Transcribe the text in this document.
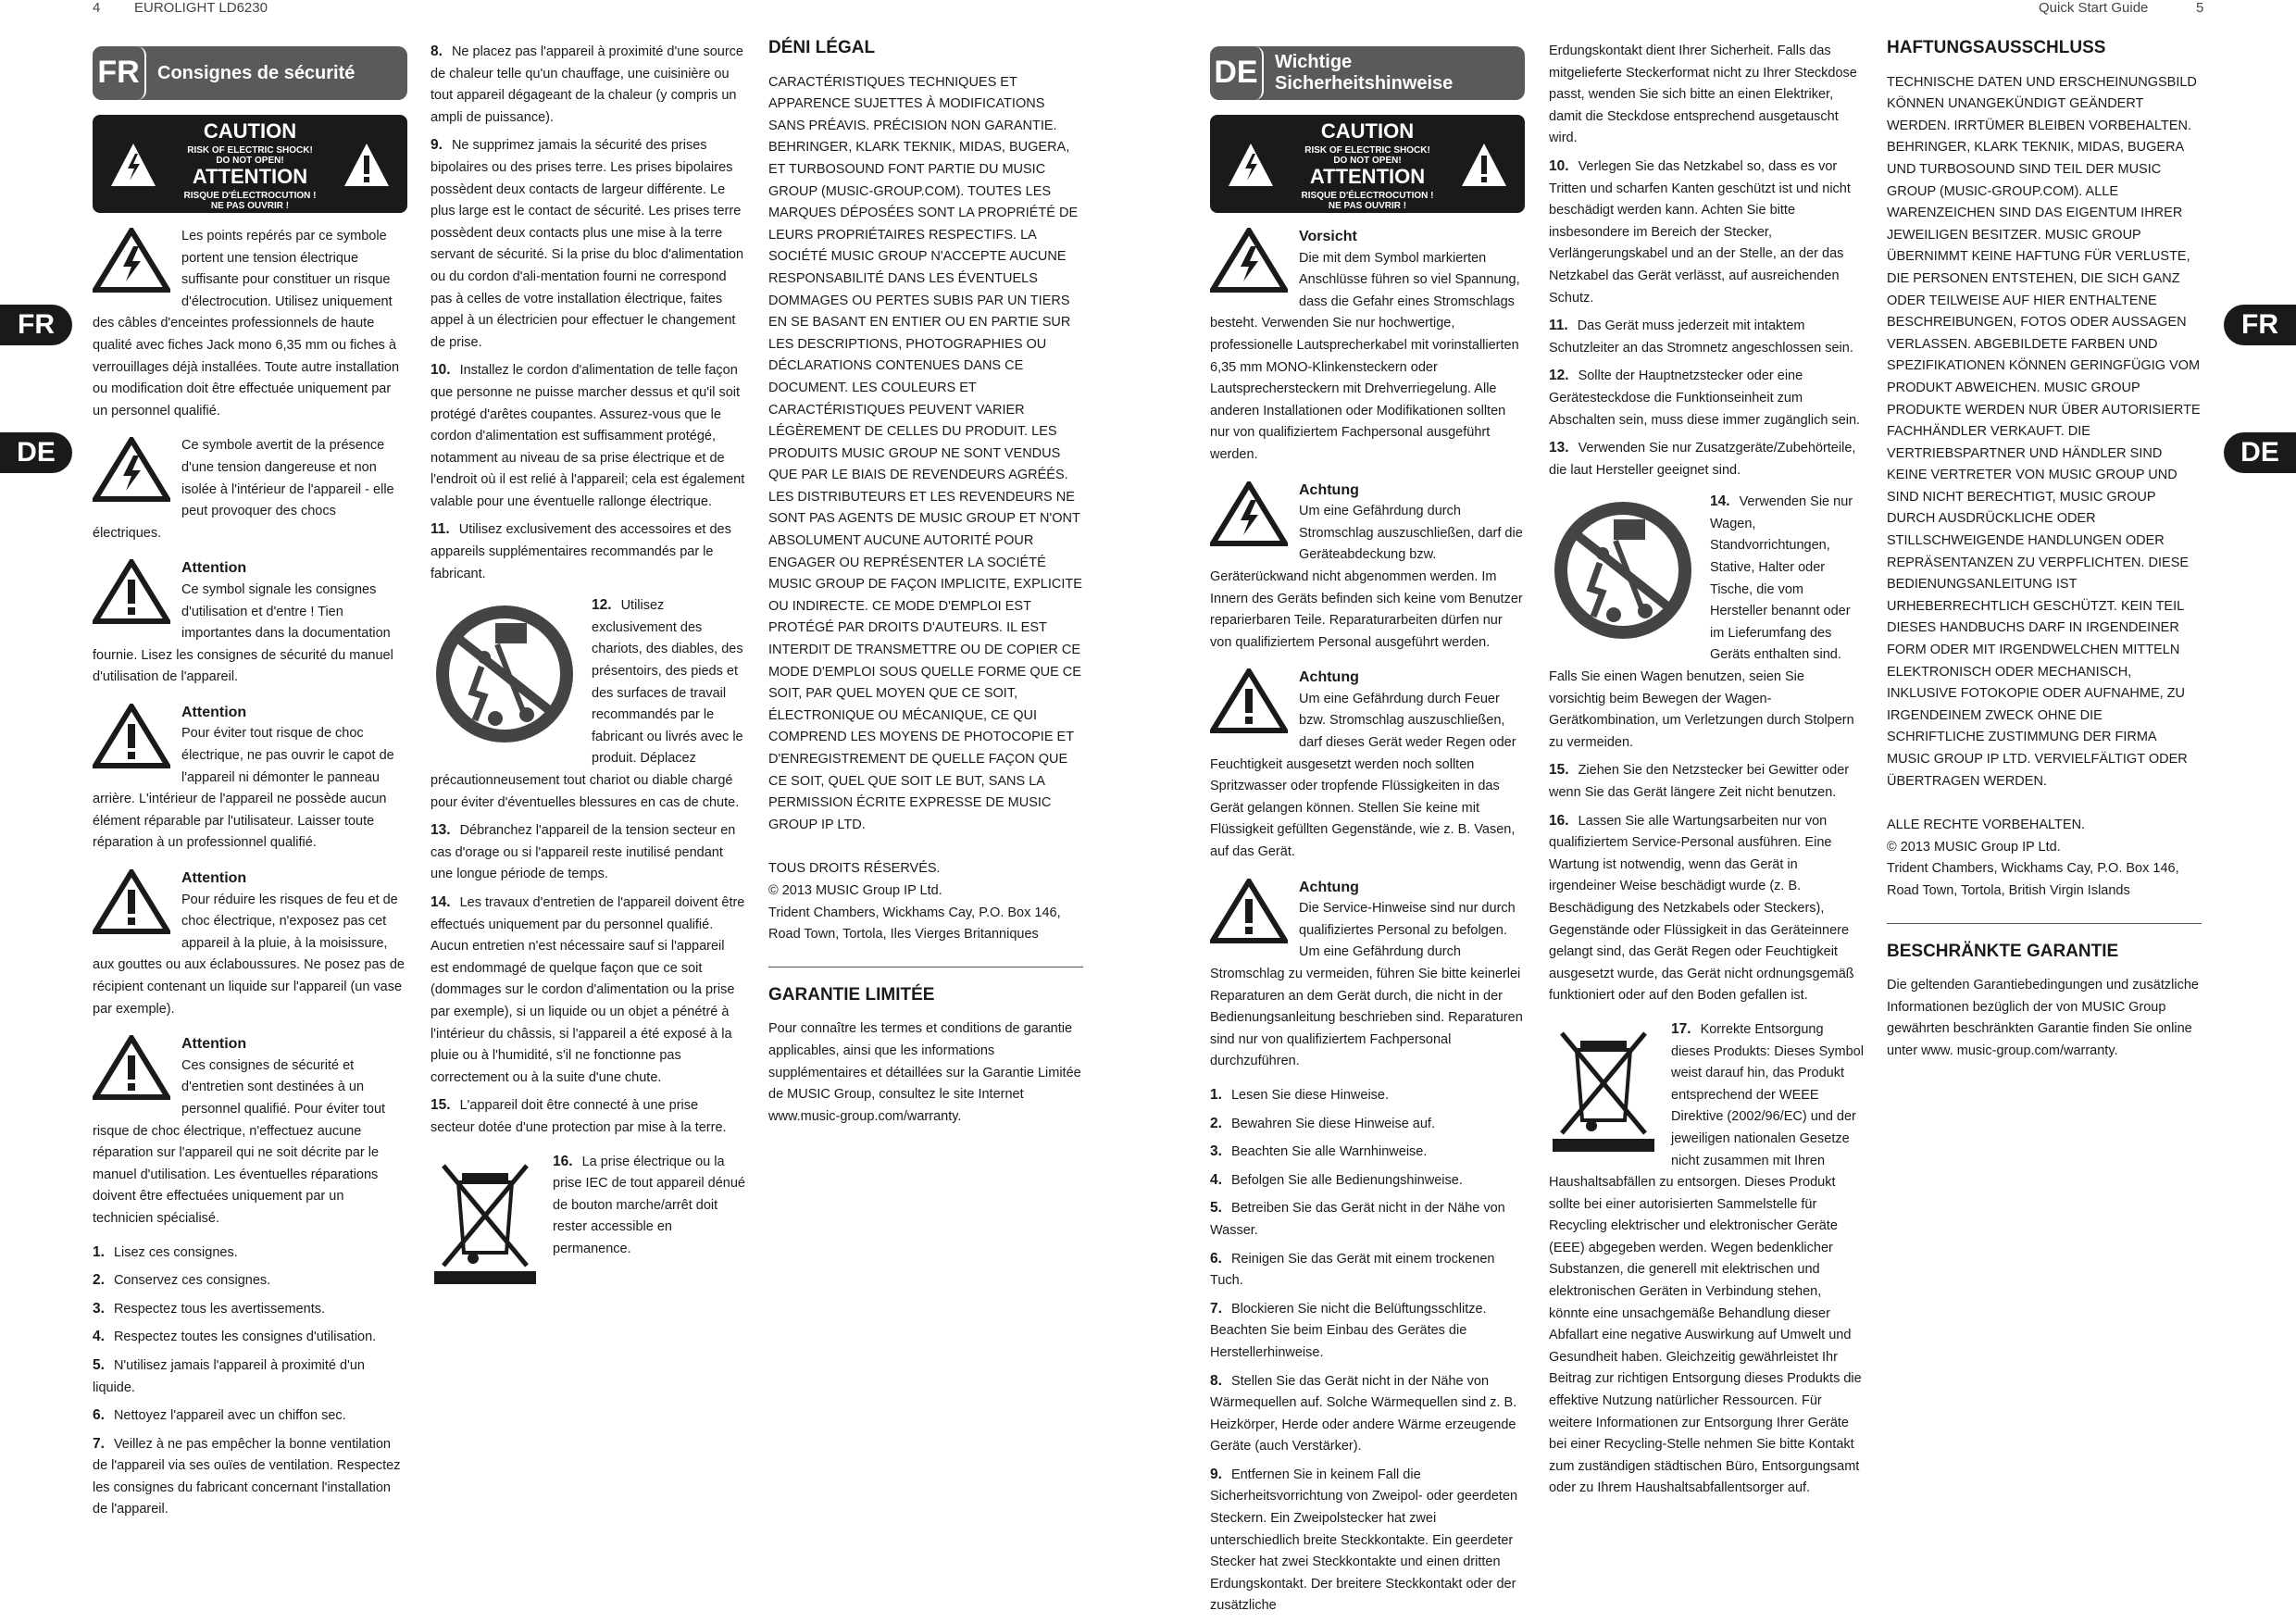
4 EUROLIGHT LD6230	Quick Start Guide	5
FR
DE
FR
DE
FR Consignes de sécurité
CAUTION
RISK OF ELECTRIC SHOCK!
DO NOT OPEN!
ATTENTION
RISQUE D'ÉLECTROCUTION !
NE PAS OUVRIR !
Les points repérés par ce symbole portent une tension électrique suffisante pour constituer un risque d'électrocution. Utilisez uniquement des câbles d'enceintes professionnels de haute qualité avec fiches Jack mono 6,35 mm ou fiches à verrouillages déjà installées. Toute autre installation ou modification doit être effectuée uniquement par un personnel qualifié.
Ce symbole avertit de la présence d'une tension dangereuse et non isolée à l'intérieur de l'appareil - elle peut provoquer des chocs électriques.
Attention
Ce symbol signale les consignes d'utilisation et d'entre ! Tien importantes dans la documentation fournie. Lisez les consignes de sécurité du manuel d'utilisation de l'appareil.
Attention
Pour éviter tout risque de choc électrique, ne pas ouvrir le capot de l'appareil ni démonter le panneau arrière. L'intérieur de l'appareil ne possède aucun élément réparable par l'utilisateur. Laisser toute réparation à un professionnel qualifié.
Attention
Pour réduire les risques de feu et de choc électrique, n'exposez pas cet appareil à la pluie, à la moisissure, aux gouttes ou aux éclaboussures. Ne posez pas de récipient contenant un liquide sur l'appareil (un vase par exemple).
Attention
Ces consignes de sécurité et d'entretien sont destinées à un personnel qualifié. Pour éviter tout risque de choc électrique, n'effectuez aucune réparation sur l'appareil qui ne soit décrite par le manuel d'utilisation. Les éventuelles réparations doivent être effectuées uniquement par un technicien spécialisé.
1. Lisez ces consignes.
2. Conservez ces consignes.
3. Respectez tous les avertissements.
4. Respectez toutes les consignes d'utilisation.
5. N'utilisez jamais l'appareil à proximité d'un liquide.
6. Nettoyez l'appareil avec un chiffon sec.
7. Veillez à ne pas empêcher la bonne ventilation de l'appareil via ses ouïes de ventilation. Respectez les consignes du fabricant concernant l'installation de l'appareil.
8. Ne placez pas l'appareil à proximité d'une source de chaleur telle qu'un chauffage, une cuisinière ou tout appareil dégageant de la chaleur (y compris un ampli de puissance).
9. Ne supprimez jamais la sécurité des prises bipolaires ou des prises terre. Les prises bipolaires possèdent deux contacts de largeur différente. Le plus large est le contact de sécurité. Les prises terre possèdent deux contacts plus une mise à la terre servant de sécurité. Si la prise du bloc d'alimentation ou du cordon d'ali-mentation fourni ne correspond pas à celles de votre installation électrique, faites appel à un électricien pour effectuer le changement de prise.
10. Installez le cordon d'alimentation de telle façon que personne ne puisse marcher dessus et qu'il soit protégé d'arêtes coupantes. Assurez-vous que le cordon d'alimentation est suffisamment protégé, notamment au niveau de sa prise électrique et de l'endroit où il est relié à l'appareil; cela est également valable pour une éventuelle rallonge électrique.
11. Utilisez exclusivement des accessoires et des appareils supplémentaires recommandés par le fabricant.
12. Utilisez exclusivement des chariots, des diables, des présentoirs, des pieds et des surfaces de travail recommandés par le fabricant ou livrés avec le produit. Déplacez précautionneusement tout chariot ou diable chargé pour éviter d'éventuelles blessures en cas de chute.
13. Débranchez l'appareil de la tension secteur en cas d'orage ou si l'appareil reste inutilisé pendant une longue période de temps.
14. Les travaux d'entretien de l'appareil doivent être effectués uniquement par du personnel qualifié. Aucun entretien n'est nécessaire sauf si l'appareil est endommagé de quelque façon que ce soit (dommages sur le cordon d'alimentation ou la prise par exemple), si un liquide ou un objet a pénétré à l'intérieur du châssis, si l'appareil a été exposé à la pluie ou à l'humidité, s'il ne fonctionne pas correctement ou à la suite d'une chute.
15. L'appareil doit être connecté à une prise secteur dotée d'une protection par mise à la terre.
16. La prise électrique ou la prise IEC de tout appareil dénué de bouton marche/arrêt doit rester accessible en permanence.
DÉNI LÉGAL
CARACTÉRISTIQUES TECHNIQUES ET APPARENCE SUJETTES À MODIFICATIONS SANS PRÉAVIS. PRÉCISION NON GARANTIE. BEHRINGER, KLARK TEKNIK, MIDAS, BUGERA, ET TURBOSOUND FONT PARTIE DU MUSIC GROUP (MUSIC-GROUP.COM). TOUTES LES MARQUES DÉPOSÉES SONT LA PROPRIÉTÉ DE LEURS PROPRIÉTAIRES RESPECTIFS. LA SOCIÉTÉ MUSIC GROUP N'ACCEPTE AUCUNE RESPONSABILITÉ DANS LES ÉVENTUELS DOMMAGES OU PERTES SUBIS PAR UN TIERS EN SE BASANT EN ENTIER OU EN PARTIE SUR LES DESCRIPTIONS, PHOTOGRAPHIES OU DÉCLARATIONS CONTENUES DANS CE DOCUMENT. LES COULEURS ET CARACTÉRISTIQUES PEUVENT VARIER LÉGÈREMENT DE CELLES DU PRODUIT. LES PRODUITS MUSIC GROUP NE SONT VENDUS QUE PAR LE BIAIS DE REVENDEURS AGRÉÉS. LES DISTRIBUTEURS ET LES REVENDEURS NE SONT PAS AGENTS DE MUSIC GROUP ET N'ONT ABSOLUMENT AUCUNE AUTORITÉ POUR ENGAGER OU REPRÉSENTER LA SOCIÉTÉ MUSIC GROUP DE FAÇON IMPLICITE, EXPLICITE OU INDIRECTE. CE MODE D'EMPLOI EST PROTÉGÉ PAR DROITS D'AUTEURS. IL EST INTERDIT DE TRANSMETTRE OU DE COPIER CE MODE D'EMPLOI SOUS QUELLE FORME QUE CE SOIT, PAR QUEL MOYEN QUE CE SOIT, ÉLECTRONIQUE OU MÉCANIQUE, CE QUI COMPREND LES MOYENS DE PHOTOCOPIE ET D'ENREGISTREMENT DE QUELLE FAÇON QUE CE SOIT, QUEL QUE SOIT LE BUT, SANS LA PERMISSION ÉCRITE EXPRESSE DE MUSIC GROUP IP LTD.
TOUS DROITS RÉSERVÉS.
© 2013 MUSIC Group IP Ltd.
Trident Chambers, Wickhams Cay, P.O. Box 146,
Road Town, Tortola, Iles Vierges Britanniques
GARANTIE LIMITÉE
Pour connaître les termes et conditions de garantie applicables, ainsi que les informations supplémentaires et détaillées sur la Garantie Limitée de MUSIC Group, consultez le site Internet www.music-group.com/warranty.
DE Wichtige Sicherheitshinweise
CAUTION
RISK OF ELECTRIC SHOCK!
DO NOT OPEN!
ATTENTION
RISQUE D'ÉLECTROCUTION !
NE PAS OUVRIR !
Vorsicht
Die mit dem Symbol markierten Anschlüsse führen so viel Spannung, dass die Gefahr eines Stromschlags besteht. Verwenden Sie nur hochwertige, professionelle Lautsprecherkabel mit vorinstallierten 6,35 mm MONO-Klinkensteckern oder Lautsprechersteckern mit Drehverriegelung. Alle anderen Installationen oder Modifikationen sollten nur von qualifiziertem Fachpersonal ausgeführt werden.
Achtung
Um eine Gefährdung durch Stromschlag auszuschließen, darf die Geräteabdeckung bzw. Geräterückwand nicht abgenommen werden. Im Innern des Geräts befinden sich keine vom Benutzer reparierbaren Teile. Reparaturarbeiten dürfen nur von qualifiziertem Personal ausgeführt werden.
Achtung
Um eine Gefährdung durch Feuer bzw. Stromschlag auszuschließen, darf dieses Gerät weder Regen oder Feuchtigkeit ausgesetzt werden noch sollten Spritzwasser oder tropfende Flüssigkeiten in das Gerät gelangen können. Stellen Sie keine mit Flüssigkeit gefüllten Gegenstände, wie z. B. Vasen, auf das Gerät.
Achtung
Die Service-Hinweise sind nur durch qualifiziertes Personal zu befolgen. Um eine Gefährdung durch Stromschlag zu vermeiden, führen Sie bitte keinerlei Reparaturen an dem Gerät durch, die nicht in der Bedienungsanleitung beschrieben sind. Reparaturen sind nur von qualifiziertem Fachpersonal durchzuführen.
1. Lesen Sie diese Hinweise.
2. Bewahren Sie diese Hinweise auf.
3. Beachten Sie alle Warnhinweise.
4. Befolgen Sie alle Bedienungshinweise.
5. Betreiben Sie das Gerät nicht in der Nähe von Wasser.
6. Reinigen Sie das Gerät mit einem trockenen Tuch.
7. Blockieren Sie nicht die Belüftungsschlitze. Beachten Sie beim Einbau des Gerätes die Herstellerhinweise.
8. Stellen Sie das Gerät nicht in der Nähe von Wärmequellen auf. Solche Wärmequellen sind z. B. Heizkörper, Herde oder andere Wärme erzeugende Geräte (auch Verstärker).
9. Entfernen Sie in keinem Fall die Sicherheitsvorrichtung von Zweipol- oder geerdeten Steckern. Ein Zweipolstecker hat zwei unterschiedlich breite Steckkontakte. Ein geerdeter Stecker hat zwei Steckkontakte und einen dritten Erdungskontakt. Der breitere Steckkontakt oder der zusätzliche
Erdungskontakt dient Ihrer Sicherheit. Falls das mitgelieferte Steckerformat nicht zu Ihrer Steckdose passt, wenden Sie sich bitte an einen Elektriker, damit die Steckdose entsprechend ausgetauscht wird.
10. Verlegen Sie das Netzkabel so, dass es vor Tritten und scharfen Kanten geschützt ist und nicht beschädigt werden kann. Achten Sie bitte insbesondere im Bereich der Stecker, Verlängerungskabel und an der Stelle, an der das Netzkabel das Gerät verlässt, auf ausreichenden Schutz.
11. Das Gerät muss jederzeit mit intaktem Schutzleiter an das Stromnetz angeschlossen sein.
12. Sollte der Hauptnetzstecker oder eine Gerätesteckdose die Funktionseinheit zum Abschalten sein, muss diese immer zugänglich sein.
13. Verwenden Sie nur Zusatzgeräte/Zubehörteile, die laut Hersteller geeignet sind.
14. Verwenden Sie nur Wagen, Standvorrichtungen, Stative, Halter oder Tische, die vom Hersteller benannt oder im Lieferumfang des Geräts enthalten sind. Falls Sie einen Wagen benutzen, seien Sie vorsichtig beim Bewegen der Wagen-Gerätkombination, um Verletzungen durch Stolpern zu vermeiden.
15. Ziehen Sie den Netzstecker bei Gewitter oder wenn Sie das Gerät längere Zeit nicht benutzen.
16. Lassen Sie alle Wartungsarbeiten nur von qualifiziertem Service-Personal ausführen. Eine Wartung ist notwendig, wenn das Gerät in irgendeiner Weise beschädigt wurde (z. B. Beschädigung des Netzkabels oder Steckers), Gegenstände oder Flüssigkeit in das Geräteinnere gelangt sind, das Gerät Regen oder Feuchtigkeit ausgesetzt wurde, das Gerät nicht ordnungsgemäß funktioniert oder auf den Boden gefallen ist.
17. Korrekte Entsorgung dieses Produkts: Dieses Symbol weist darauf hin, das Produkt entsprechend der WEEE Direktive (2002/96/EC) und der jeweiligen nationalen Gesetze nicht zusammen mit Ihren Haushaltsabfällen zu entsorgen. Dieses Produkt sollte bei einer autorisierten Sammelstelle für Recycling elektrischer und elektronischer Geräte (EEE) abgegeben werden. Wegen bedenklicher Substanzen, die generell mit elektrischen und elektronischen Geräten in Verbindung stehen, könnte eine unsachgemäße Behandlung dieser Abfallart eine negative Auswirkung auf Umwelt und Gesundheit haben. Gleichzeitig gewährleistet Ihr Beitrag zur richtigen Entsorgung dieses Produkts die effektive Nutzung natürlicher Ressourcen. Für weitere Informationen zur Entsorgung Ihrer Geräte bei einer Recycling-Stelle nehmen Sie bitte Kontakt zum zuständigen städtischen Büro, Entsorgungsamt oder zu Ihrem Haushaltsabfallentsorger auf.
HAFTUNGSAUSSCHLUSS
TECHNISCHE DATEN UND ERSCHEINUNGSBILD KÖNNEN UNANGEKÜNDIGT GEÄNDERT WERDEN. IRRTÜMER BLEIBEN VORBEHALTEN. BEHRINGER, KLARK TEKNIK, MIDAS, BUGERA UND TURBOSOUND SIND TEIL DER MUSIC GROUP (MUSIC-GROUP.COM). ALLE WARENZEICHEN SIND DAS EIGENTUM IHRER JEWEILIGEN BESITZER. MUSIC GROUP ÜBERNIMMT KEINE HAFTUNG FÜR VERLUSTE, DIE PERSONEN ENTSTEHEN, DIE SICH GANZ ODER TEILWEISE AUF HIER ENTHALTENE BESCHREIBUNGEN, FOTOS ODER AUSSAGEN VERLASSEN. ABGEBILDETE FARBEN UND SPEZIFIKATIONEN KÖNNEN GERINGFÜGIG VOM PRODUKT ABWEICHEN. MUSIC GROUP PRODUKTE WERDEN NUR ÜBER AUTORISIERTE FACHHÄNDLER VERKAUFT. DIE VERTRIEBSPARTNER UND HÄNDLER SIND KEINE VERTRETER VON MUSIC GROUP UND SIND NICHT BERECHTIGT, MUSIC GROUP DURCH AUSDRÜCKLICHE ODER STILLSCHWEIGENDE HANDLUNGEN ODER REPRÄSENTANZEN ZU VERPFLICHTEN. DIESE BEDIENUNGSANLEITUNG IST URHEBERRECHTLICH GESCHÜTZT. KEIN TEIL DIESES HANDBUCHS DARF IN IRGENDEINER FORM ODER MIT IRGENDWELCHEN MITTELN ELEKTRONISCH ODER MECHANISCH, INKLUSIVE FOTOKOPIE ODER AUFNAHME, ZU IRGENDEINEM ZWECK OHNE DIE SCHRIFTLICHE ZUSTIMMUNG DER FIRMA MUSIC GROUP IP LTD. VERVIELFÄLTIGT ODER ÜBERTRAGEN WERDEN.
ALLE RECHTE VORBEHALTEN.
© 2013 MUSIC Group IP Ltd.
Trident Chambers, Wickhams Cay, P.O. Box 146,
Road Town, Tortola, British Virgin Islands
BESCHRÄNKTE GARANTIE
Die geltenden Garantiebedingungen und zusätzliche Informationen bezüglich der von MUSIC Group gewährten beschränkten Garantie finden Sie online unter www. music-group.com/warranty.
